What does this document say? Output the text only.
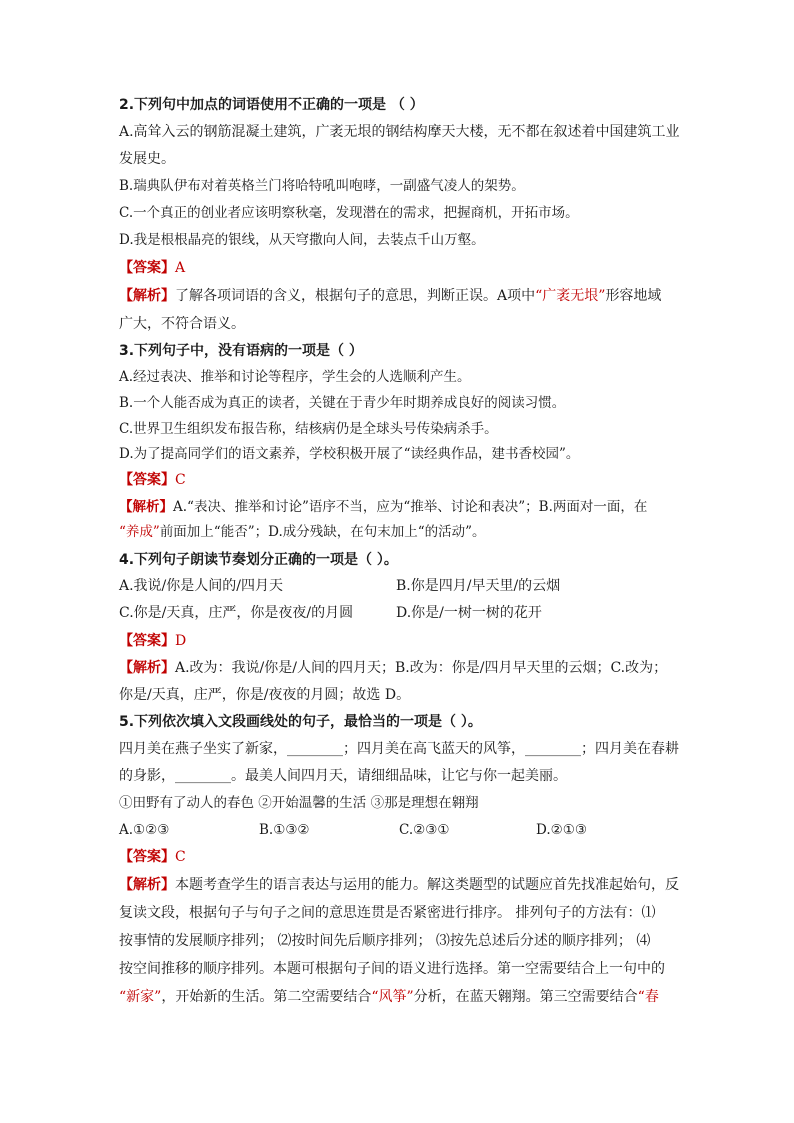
2.下列句中加点的词语使用不正确的一项是 （ ）
A.高耸入云的钢筋混凝土建筑，广袤无垠的钢结构摩天大楼，无不都在叙述着中国建筑工业
发展史。
B.瑞典队伊布对着英格兰门将哈特吼叫咆哮，一副盛气凌人的架势。
C.一个真正的创业者应该明察秋毫，发现潜在的需求，把握商机，开拓市场。
D.我是根根晶亮的银线，从天穹撒向人间，去装点千山万壑。
【答案】A
【解析】了解各项词语的含义，根据句子的意思，判断正误。A项中“广袤无垠”形容地域
广大，不符合语义。
3.下列句子中，没有语病的一项是（ ）
A.经过表决、推举和讨论等程序，学生会的人选顺利产生。
B.一个人能否成为真正的读者，关键在于青少年时期养成良好的阅读习惯。
C.世界卫生组织发布报告称，结核病仍是全球头号传染病杀手。
D.为了提高同学们的语文素养，学校积极开展了“读经典作品，建书香校园”。
【答案】C
【解析】A.“表决、推举和讨论”语序不当，应为“推举、讨论和表决”；B.两面对一面，在
“养成”前面加上“能否”；D.成分残缺，在句末加上“的活动”。
4.下列句子朗读节奏划分正确的一项是（ ）。
A.我说/你是人间的/四月天	B.你是四月/早天里/的云烟
C.你是/天真，庄严，你是夜夜/的月圆	D.你是/一树一树的花开
【答案】D
【解析】A.改为：我说/你是/人间的四月天；B.改为：你是/四月早天里的云烟；C.改为；
你是/天真，庄严，你是/夜夜的月圆；故选 D。
5.下列依次填入文段画线处的句子，最恰当的一项是（ ）。
四月美在燕子坐实了新家，________；四月美在高飞蓝天的风筝，________；四月美在春耕
的身影，________。最美人间四月天，请细细品味，让它与你一起美丽。
①田野有了动人的春色 ②开始温馨的生活 ③那是理想在翱翔
A.①②③	B.①③②	C.②③①	D.②①③
【答案】C
【解析】本题考查学生的语言表达与运用的能力。解这类题型的试题应首先找准起始句，反
复读文段，根据句子与句子之间的意思连贯是否紧密进行排序。 排列句子的方法有：⑴
按事情的发展顺序排列； ⑵按时间先后顺序排列； ⑶按先总述后分述的顺序排列； ⑷
按空间推移的顺序排列。本题可根据句子间的语义进行选择。第一空需要结合上一句中的
“新家”，开始新的生活。第二空需要结合“风筝”分析，在蓝天翱翔。第三空需要结合“春
